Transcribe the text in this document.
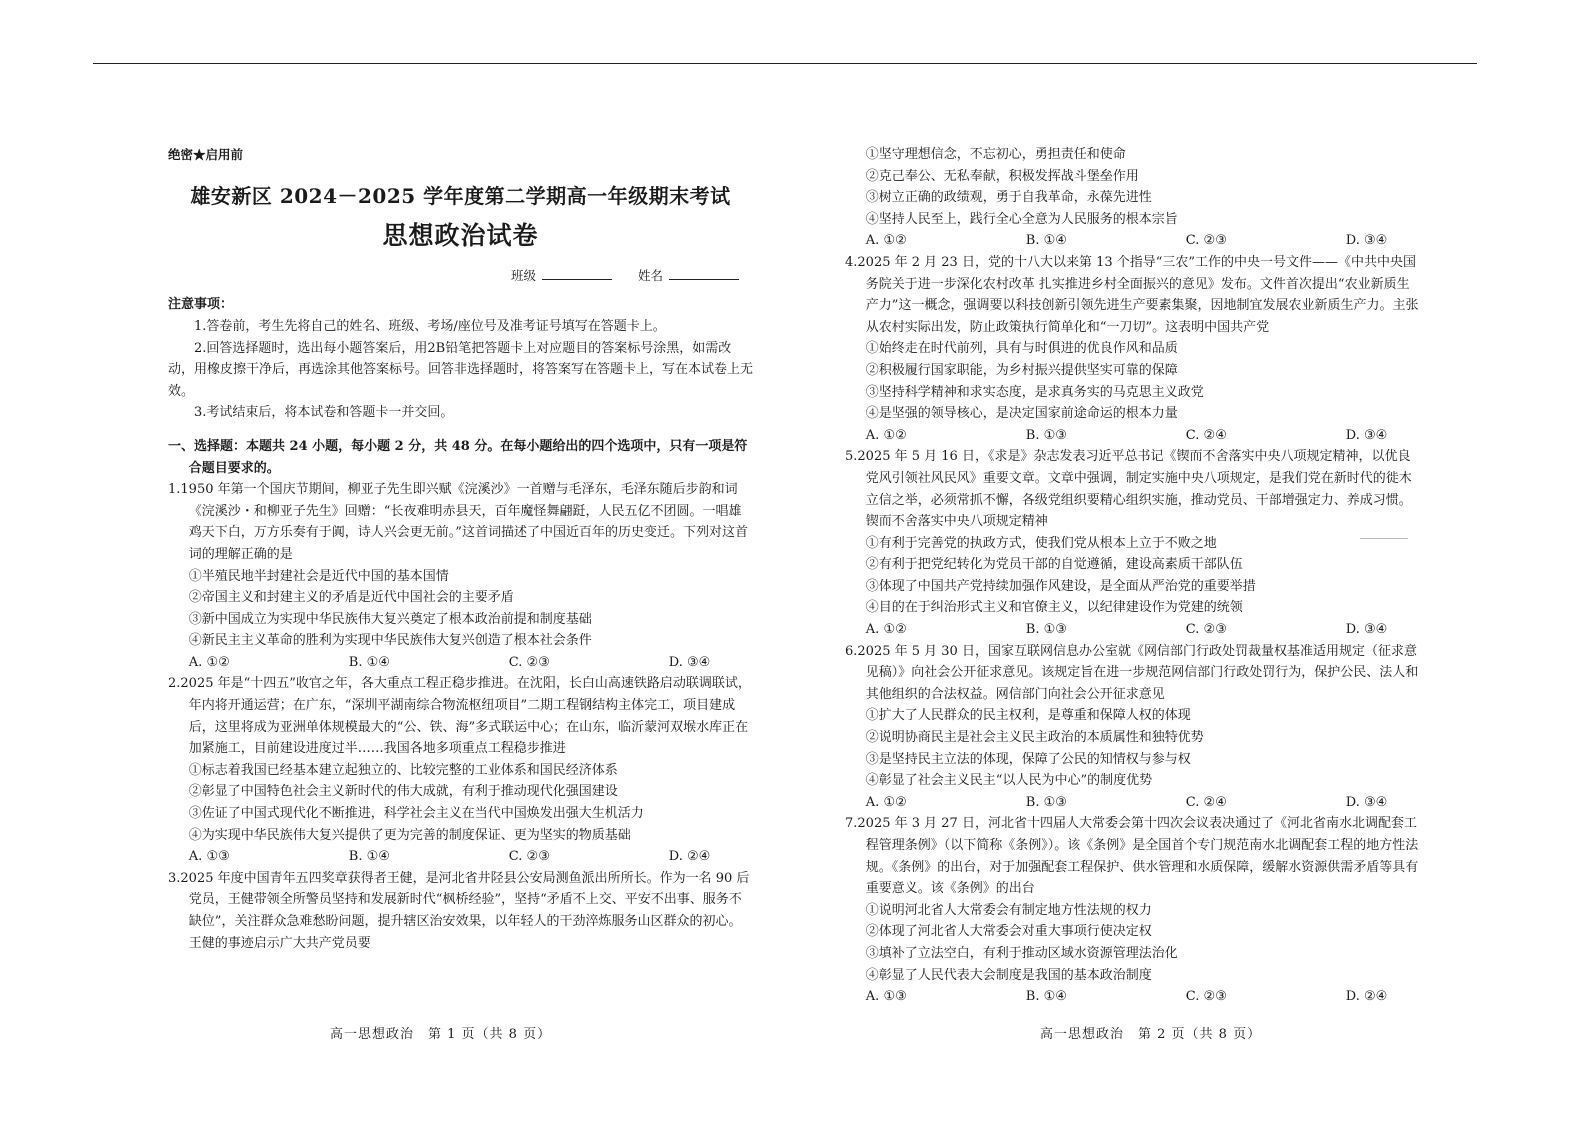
绝密★启用前
雄安新区 2024－2025 学年度第二学期高一年级期末考试
思想政治试卷
班级	姓名
注意事项：

1.答卷前，考生先将自己的姓名、班级、考场/座位号及准考证号填写在答题卡上。

2.回答选择题时，选出每小题答案后，用2B铅笔把答题卡上对应题目的答案标号涂黑，如需改动，用橡皮擦干净后，再选涂其他答案标号。回答非选择题时，将答案写在答题卡上，写在本试卷上无效。

3.考试结束后，将本试卷和答题卡一并交回。

一、选择题：本题共 24 小题，每小题 2 分，共 48 分。在每小题给出的四个选项中，只有一项是符合题目要求的。

1.1950 年第一个国庆节期间，柳亚子先生即兴赋《浣溪沙》一首赠与毛泽东，毛泽东随后步韵和词《浣溪沙・和柳亚子先生》回赠：“长夜难明赤县天，百年魔怪舞翩跹，人民五亿不团圆。一唱雄鸡天下白，万方乐奏有于阗，诗人兴会更无前。”这首词描述了中国近百年的历史变迁。下列对这首词的理解正确的是

①半殖民地半封建社会是近代中国的基本国情

②帝国主义和封建主义的矛盾是近代中国社会的主要矛盾

③新中国成立为实现中华民族伟大复兴奠定了根本政治前提和制度基础

④新民主主义革命的胜利为实现中华民族伟大复兴创造了根本社会条件

A. ①②	B. ①④	C. ②③	D. ③④

2.2025 年是“十四五”收官之年，各大重点工程正稳步推进。在沈阳，长白山高速铁路启动联调联试，年内将开通运营；在广东，“深圳平湖南综合物流枢纽项目”二期工程钢结构主体完工，项目建成后，这里将成为亚洲单体规模最大的“公、铁、海”多式联运中心；在山东，临沂蒙河双堠水库正在加紧施工，目前建设进度过半……我国各地多项重点工程稳步推进

①标志着我国已经基本建立起独立的、比较完整的工业体系和国民经济体系

②彰显了中国特色社会主义新时代的伟大成就，有利于推动现代化强国建设

③佐证了中国式现代化不断推进，科学社会主义在当代中国焕发出强大生机活力

④为实现中华民族伟大复兴提供了更为完善的制度保证、更为坚实的物质基础

A. ①③	B. ①④	C. ②③	D. ②④

3.2025 年度中国青年五四奖章获得者王健，是河北省井陉县公安局测鱼派出所所长。作为一名 90 后党员，王健带领全所警员坚持和发展新时代“枫桥经验”，坚持“矛盾不上交、平安不出事、服务不缺位”，关注群众急难愁盼问题，提升辖区治安效果，以年轻人的干劲淬炼服务山区群众的初心。王健的事迹启示广大共产党员要

①坚守理想信念，不忘初心，勇担责任和使命

②克己奉公、无私奉献，积极发挥战斗堡垒作用

③树立正确的政绩观，勇于自我革命，永葆先进性

④坚持人民至上，践行全心全意为人民服务的根本宗旨

A. ①②	B. ①④	C. ②③	D. ③④

4.2025 年 2 月 23 日，党的十八大以来第 13 个指导“三农”工作的中央一号文件——《中共中央国务院关于进一步深化农村改革 扎实推进乡村全面振兴的意见》发布。文件首次提出“农业新质生产力”这一概念，强调要以科技创新引领先进生产要素集聚，因地制宜发展农业新质生产力。主张从农村实际出发，防止政策执行简单化和“一刀切”。这表明中国共产党

①始终走在时代前列，具有与时俱进的优良作风和品质

②积极履行国家职能，为乡村振兴提供坚实可靠的保障

③坚持科学精神和求实态度，是求真务实的马克思主义政党

④是坚强的领导核心，是决定国家前途命运的根本力量

A. ①②	B. ①③	C. ②④	D. ③④

5.2025 年 5 月 16 日，《求是》杂志发表习近平总书记《锲而不舍落实中央八项规定精神，以优良党风引领社风民风》重要文章。文章中强调，制定实施中央八项规定，是我们党在新时代的徙木立信之举，必须常抓不懈，各级党组织要精心组织实施，推动党员、干部增强定力、养成习惯。锲而不舍落实中央八项规定精神

①有利于完善党的执政方式，使我们党从根本上立于不败之地

②有利于把党纪转化为党员干部的自觉遵循，建设高素质干部队伍

③体现了中国共产党持续加强作风建设，是全面从严治党的重要举措

④目的在于纠治形式主义和官僚主义，以纪律建设作为党建的统领

A. ①②	B. ①③	C. ②③	D. ③④

6.2025 年 5 月 30 日，国家互联网信息办公室就《网信部门行政处罚裁量权基准适用规定（征求意见稿）》向社会公开征求意见。该规定旨在进一步规范网信部门行政处罚行为，保护公民、法人和其他组织的合法权益。网信部门向社会公开征求意见

①扩大了人民群众的民主权利，是尊重和保障人权的体现

②说明协商民主是社会主义民主政治的本质属性和独特优势

③是坚持民主立法的体现，保障了公民的知情权与参与权

④彰显了社会主义民主“以人民为中心”的制度优势

A. ①②	B. ①③	C. ②④	D. ③④

7.2025 年 3 月 27 日，河北省十四届人大常委会第十四次会议表决通过了《河北省南水北调配套工程管理条例》（以下简称《条例》）。该《条例》是全国首个专门规范南水北调配套工程的地方性法规。《条例》的出台，对于加强配套工程保护、供水管理和水质保障，缓解水资源供需矛盾等具有重要意义。该《条例》的出台

①说明河北省人大常委会有制定地方性法规的权力

②体现了河北省人大常委会对重大事项行使决定权

③填补了立法空白，有利于推动区域水资源管理法治化

④彰显了人民代表大会制度是我国的基本政治制度

A. ①③	B. ①④	C. ②③	D. ②④
高一思想政治　第 1 页（共 8 页）	高一思想政治　第 2 页（共 8 页）
